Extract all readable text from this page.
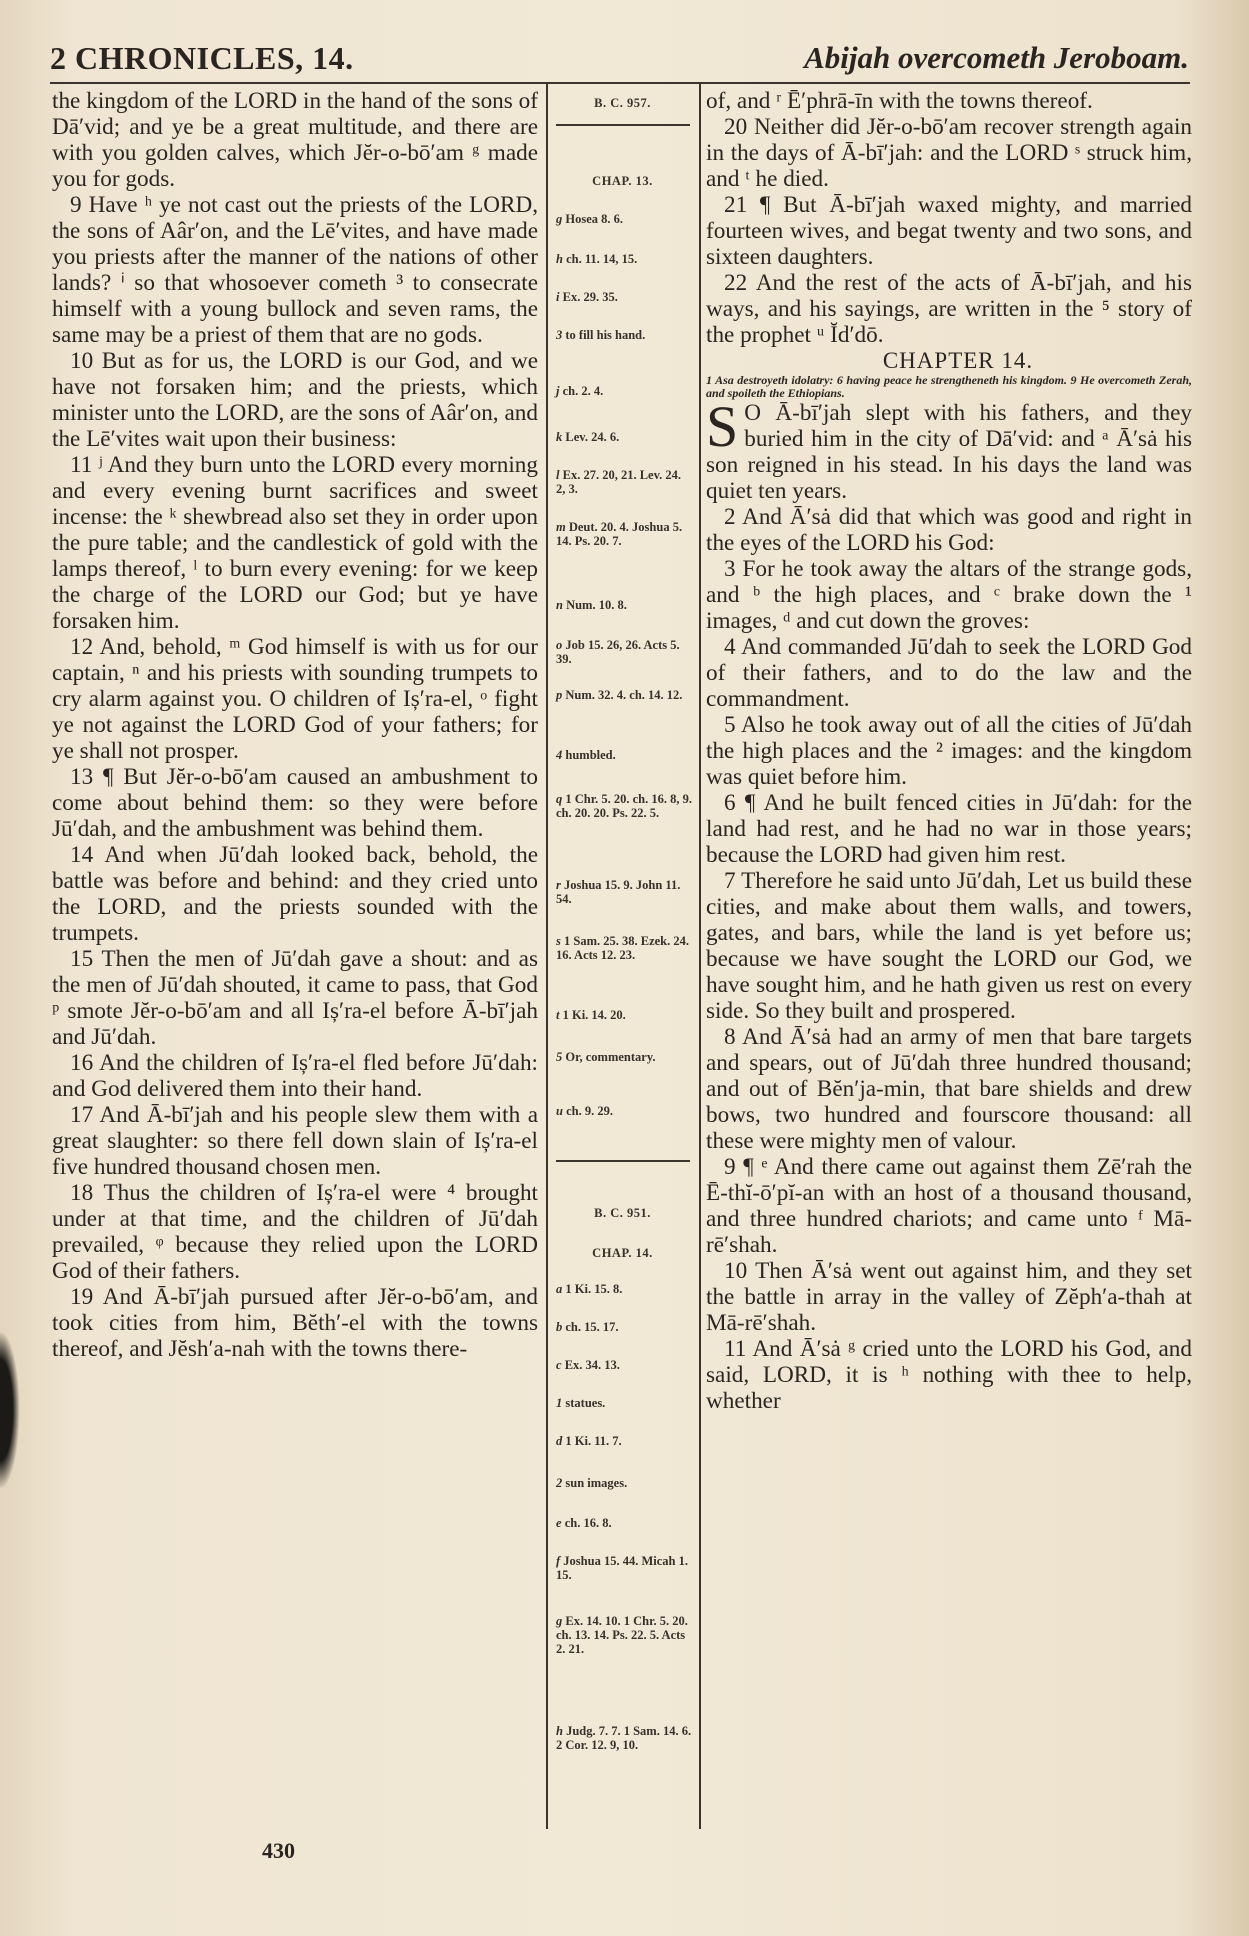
2 CHRONICLES, 14.	Abijah overcometh Jeroboam.

the kingdom of the LORD in the hand of the sons of Dā′vid; and ye be a great multitude, and there are with you golden calves, which Jĕr-o-bō′am ᵍ made you for gods.

9 Have ʰ ye not cast out the priests of the LORD, the sons of Aâr′on, and the Lē′vites, and have made you priests after the manner of the nations of other lands? ⁱ so that whosoever cometh ³ to consecrate himself with a young bullock and seven rams, the same may be a priest of them that are no gods.

10 But as for us, the LORD is our God, and we have not forsaken him; and the priests, which minister unto the LORD, are the sons of Aâr′on, and the Lē′vites wait upon their business:

11 ʲ And they burn unto the LORD every morning and every evening burnt sacrifices and sweet incense: the ᵏ shewbread also set they in order upon the pure table; and the candlestick of gold with the lamps thereof, ˡ to burn every evening: for we keep the charge of the LORD our God; but ye have forsaken him.

12 And, behold, ᵐ God himself is with us for our captain, ⁿ and his priests with sounding trumpets to cry alarm against you. O children of Iș′ra-el, ᵒ fight ye not against the LORD God of your fathers; for ye shall not prosper.

13 ¶ But Jĕr-o-bō′am caused an ambushment to come about behind them: so they were before Jū′dah, and the ambushment was behind them.

14 And when Jū′dah looked back, behold, the battle was before and behind: and they cried unto the LORD, and the priests sounded with the trumpets.

15 Then the men of Jū′dah gave a shout: and as the men of Jū′dah shouted, it came to pass, that God ᵖ smote Jĕr-o-bō′am and all Iș′ra-el before Ā-bī′jah and Jū′dah.

16 And the children of Iș′ra-el fled before Jū′dah: and God delivered them into their hand.

17 And Ā-bī′jah and his people slew them with a great slaughter: so there fell down slain of Iș′ra-el five hundred thousand chosen men.

18 Thus the children of Iș′ra-el were ⁴ brought under at that time, and the children of Jū′dah prevailed, ᵠ because they relied upon the LORD God of their fathers.

19 And Ā-bī′jah pursued after Jĕr-o-bō′am, and took cities from him, Bĕth′-el with the towns thereof, and Jĕsh′a-nah with the towns there-

B. C. 957.
CHAP. 13.
g Hosea 8. 6.
h ch. 11. 14, 15.
i Ex. 29. 35.
3 to fill his hand.
j ch. 2. 4.
k Lev. 24. 6.
l Ex. 27. 20, 21. Lev. 24. 2, 3.
m Deut. 20. 4. Joshua 5. 14. Ps. 20. 7.
n Num. 10. 8.
o Job 15. 26, 26. Acts 5. 39.
p Num. 32. 4. ch. 14. 12.
4 humbled.
q 1 Chr. 5. 20. ch. 16. 8, 9. ch. 20. 20. Ps. 22. 5.
r Joshua 15. 9. John 11. 54.
s 1 Sam. 25. 38. Ezek. 24. 16. Acts 12. 23.
t 1 Ki. 14. 20.
5 Or, commentary.
u ch. 9. 29.
B. C. 951.
CHAP. 14.
a 1 Ki. 15. 8.
b ch. 15. 17.
c Ex. 34. 13.
1 statues.
d 1 Ki. 11. 7.
2 sun images.
e ch. 16. 8.
f Joshua 15. 44. Micah 1. 15.
g Ex. 14. 10. 1 Chr. 5. 20. ch. 13. 14. Ps. 22. 5. Acts 2. 21.
h Judg. 7. 7. 1 Sam. 14. 6. 2 Cor. 12. 9, 10.

of, and ʳ Ē′phrā-īn with the towns thereof.

20 Neither did Jĕr-o-bō′am recover strength again in the days of Ā-bī′jah: and the LORD ˢ struck him, and ᵗ he died.

21 ¶ But Ā-bī′jah waxed mighty, and married fourteen wives, and begat twenty and two sons, and sixteen daughters.

22 And the rest of the acts of Ā-bī′jah, and his ways, and his sayings, are written in the ⁵ story of the prophet ᵘ Ĭd′dō.

CHAPTER 14.

1 Asa destroyeth idolatry: 6 having peace he strengtheneth his kingdom. 9 He overcometh Zerah, and spoileth the Ethiopians.

S O Ā-bī′jah slept with his fathers, and they buried him in the city of Dā′vid: and ᵃ Ā′sȧ his son reigned in his stead. In his days the land was quiet ten years.

2 And Ā′sȧ did that which was good and right in the eyes of the LORD his God:

3 For he took away the altars of the strange gods, and ᵇ the high places, and ᶜ brake down the ¹ images, ᵈ and cut down the groves:

4 And commanded Jū′dah to seek the LORD God of their fathers, and to do the law and the commandment.

5 Also he took away out of all the cities of Jū′dah the high places and the ² images: and the kingdom was quiet before him.

6 ¶ And he built fenced cities in Jū′dah: for the land had rest, and he had no war in those years; because the LORD had given him rest.

7 Therefore he said unto Jū′dah, Let us build these cities, and make about them walls, and towers, gates, and bars, while the land is yet before us; because we have sought the LORD our God, we have sought him, and he hath given us rest on every side. So they built and prospered.

8 And Ā′sȧ had an army of men that bare targets and spears, out of Jū′dah three hundred thousand; and out of Bĕn′ja-min, that bare shields and drew bows, two hundred and fourscore thousand: all these were mighty men of valour.

9 ¶ ᵉ And there came out against them Zē′rah the Ē-thĭ-ō′pĭ-an with an host of a thousand thousand, and three hundred chariots; and came unto ᶠ Mā-rē′shah.

10 Then Ā′sȧ went out against him, and they set the battle in array in the valley of Zĕph′a-thah at Mā-rē′shah.

11 And Ā′sȧ ᵍ cried unto the LORD his God, and said, LORD, it is ʰ nothing with thee to help, whether

430
